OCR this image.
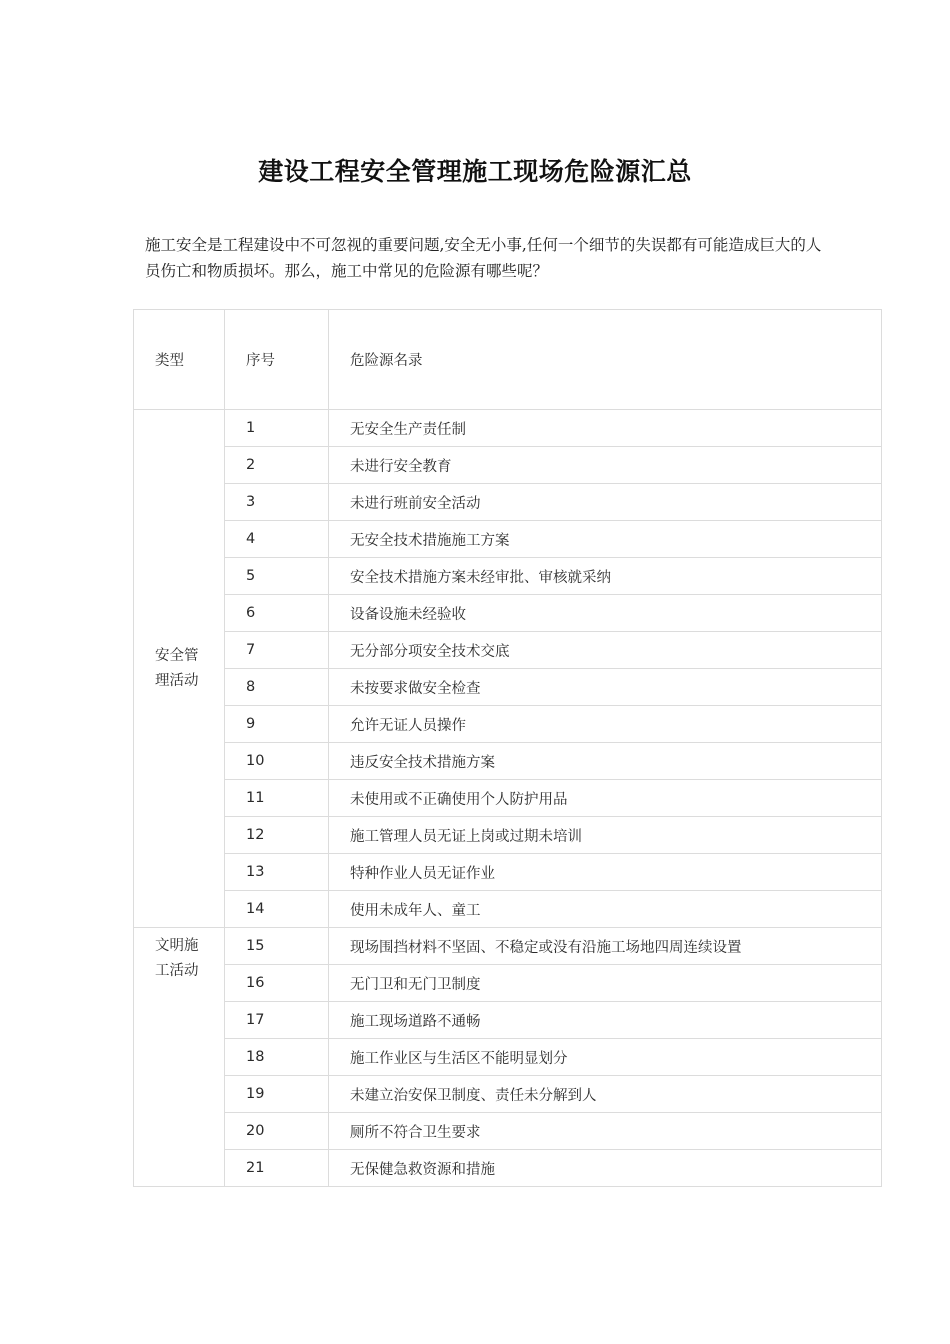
建设工程安全管理施工现场危险源汇总

施工安全是工程建设中不可忽视的重要问题,安全无小事,任何一个细节的失误都有可能造成巨大的人员伤亡和物质损坏。那么，施工中常见的危险源有哪些呢？

类型	序号	危险源名录
安全管理活动	1	无安全生产责任制
	2	未进行安全教育
	3	未进行班前安全活动
	4	无安全技术措施施工方案
	5	安全技术措施方案未经审批、审核就采纳
	6	设备设施未经验收
	7	无分部分项安全技术交底
	8	未按要求做安全检查
	9	允许无证人员操作
	10	违反安全技术措施方案
	11	未使用或不正确使用个人防护用品
	12	施工管理人员无证上岗或过期未培训
	13	特种作业人员无证作业
	14	使用未成年人、童工
文明施工活动	15	现场围挡材料不坚固、不稳定或没有沿施工场地四周连续设置
	16	无门卫和无门卫制度
	17	施工现场道路不通畅
	18	施工作业区与生活区不能明显划分
	19	未建立治安保卫制度、责任未分解到人
	20	厕所不符合卫生要求
	21	无保健急救资源和措施
